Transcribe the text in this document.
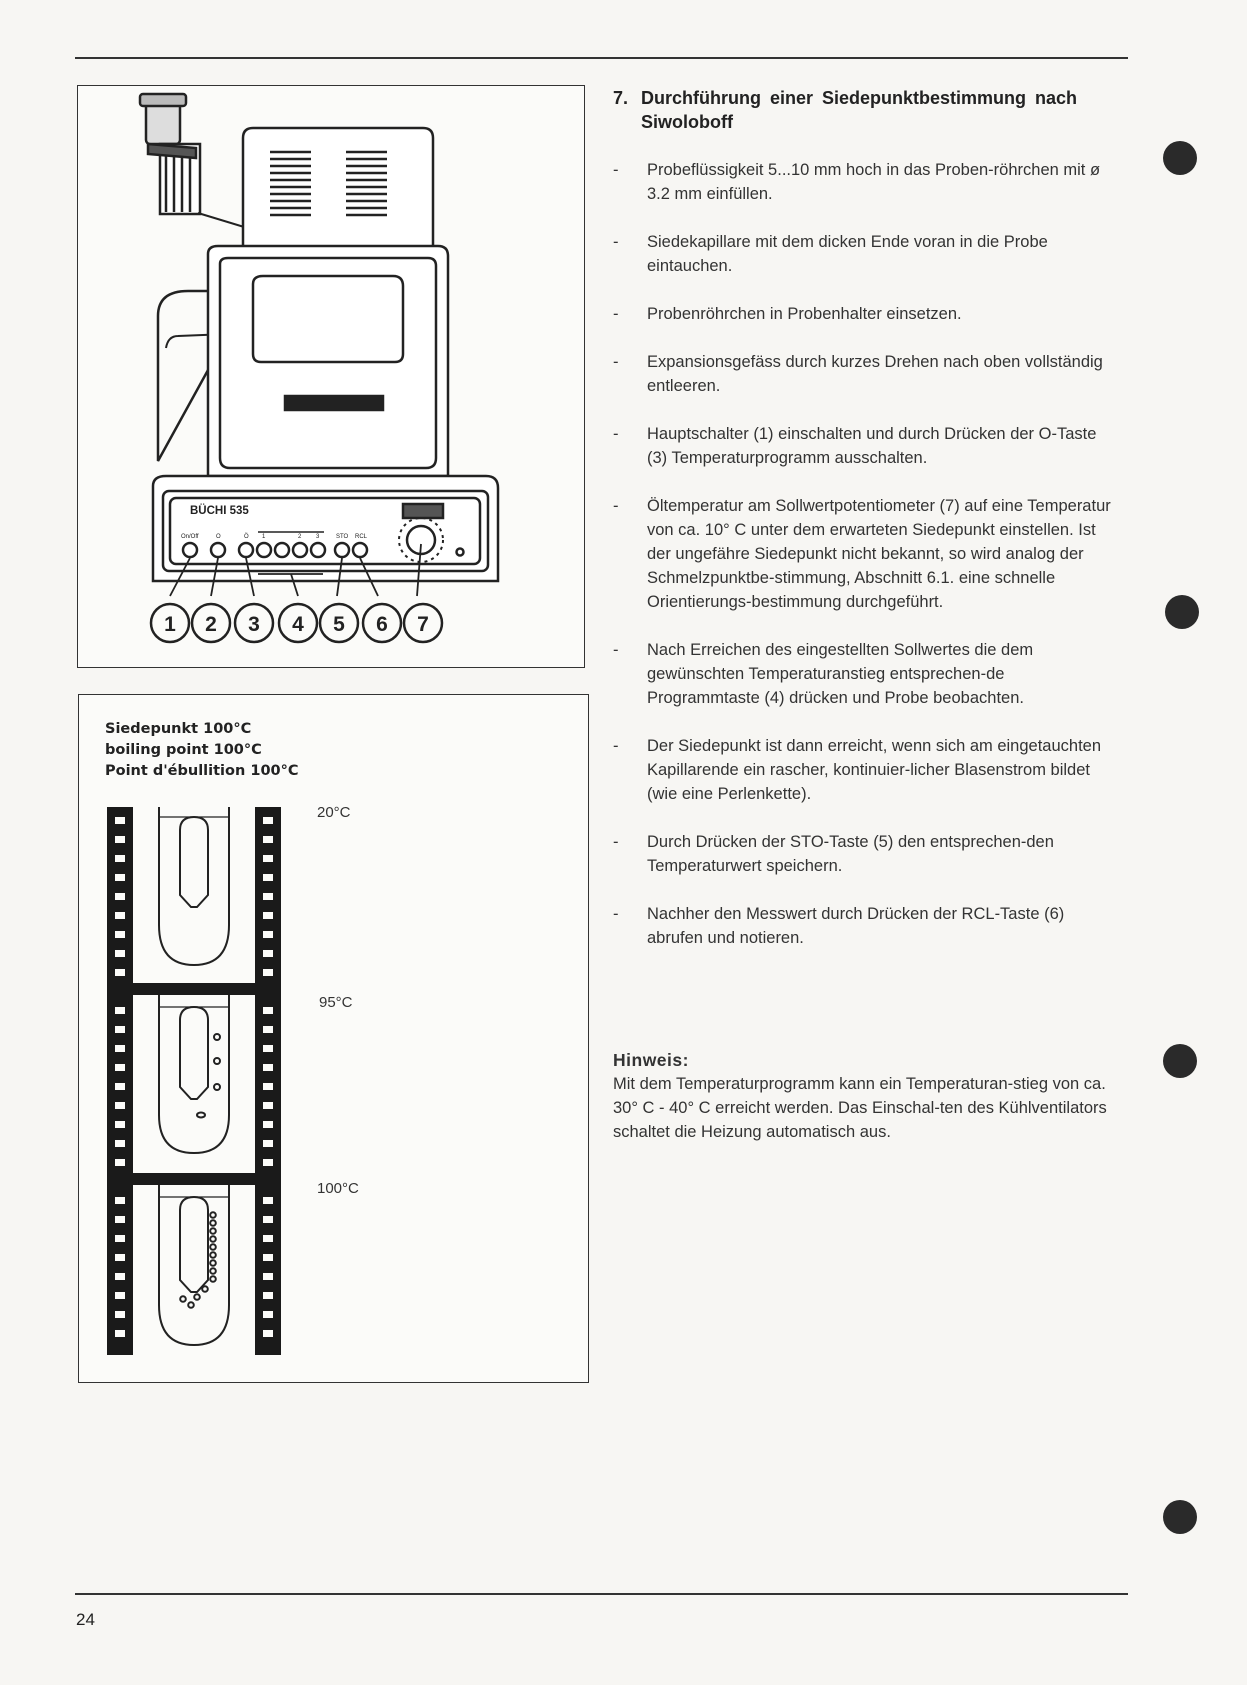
BÜCHI 535
On/Off	O	Ö 1	2 3	STO RCL
1 2 3 4 5 6 7
Siedepunkt 100°C
boiling point 100°C
Point d'ébullition 100°C
20°C
95°C
100°C
7. Durchführung einer Siedepunktbestimmung nach Siwoloboff
-	Probeflüssigkeit 5...10 mm hoch in das Proben-röhrchen mit ø 3.2 mm einfüllen.
-	Siedekapillare mit dem dicken Ende voran in die Probe eintauchen.
-	Probenröhrchen in Probenhalter einsetzen.
-	Expansionsgefäss durch kurzes Drehen nach oben vollständig entleeren.
-	Hauptschalter (1) einschalten und durch Drücken der O-Taste (3) Temperaturprogramm ausschalten.
-	Öltemperatur am Sollwertpotentiometer (7) auf eine Temperatur von ca. 10° C unter dem erwarteten Siedepunkt einstellen. Ist der ungefähre Siedepunkt nicht bekannt, so wird analog der Schmelzpunktbe-stimmung, Abschnitt 6.1. eine schnelle Orientierungs-bestimmung durchgeführt.
-	Nach Erreichen des eingestellten Sollwertes die dem gewünschten Temperaturanstieg entsprechen-de Programmtaste (4) drücken und Probe beobachten.
-	Der Siedepunkt ist dann erreicht, wenn sich am eingetauchten Kapillarende ein rascher, kontinuier-licher Blasenstrom bildet (wie eine Perlenkette).
-	Durch Drücken der STO-Taste (5) den entsprechen-den Temperaturwert speichern.
-	Nachher den Messwert durch Drücken der RCL-Taste (6) abrufen und notieren.
Hinweis:
Mit dem Temperaturprogramm kann ein Temperaturan-stieg von ca. 30° C - 40° C erreicht werden. Das Einschal-ten des Kühlventilators schaltet die Heizung automatisch aus.
24
